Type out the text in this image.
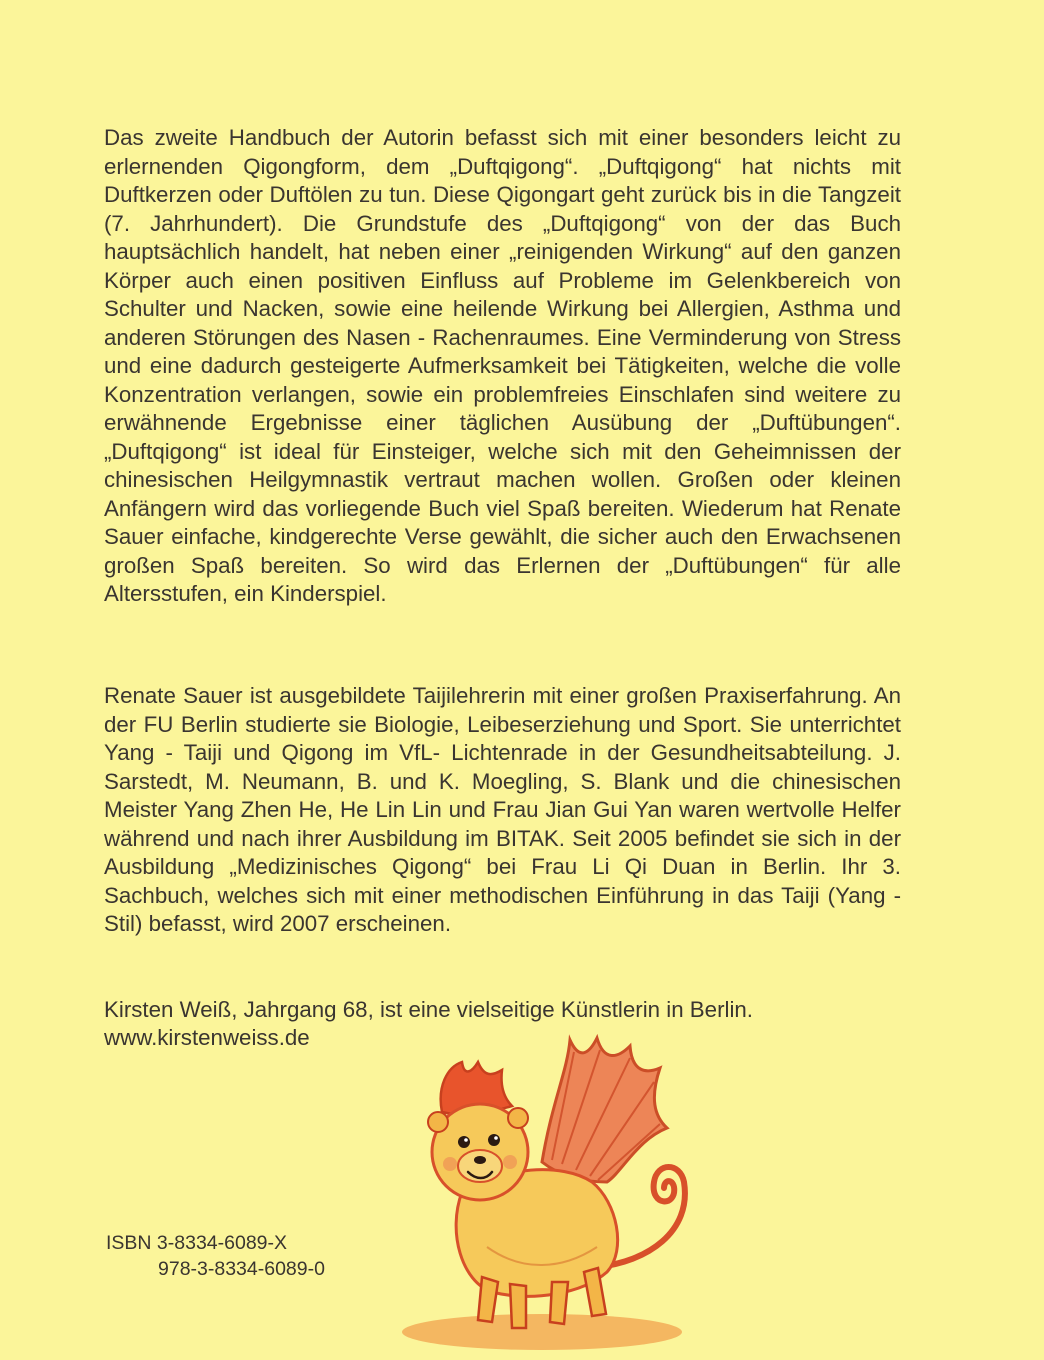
Das zweite Handbuch der Autorin befasst sich mit einer besonders leicht zu erlernenden Qigongform, dem „Duftqigong“. „Duftqigong“ hat nichts mit Duftkerzen oder Duftölen zu tun. Diese Qigongart geht zurück bis in die Tangzeit (7. Jahrhundert). Die Grundstufe des „Duftqigong“ von der das Buch hauptsächlich handelt, hat neben einer „reinigenden Wirkung“ auf den ganzen Körper auch einen positiven Einfluss auf Probleme im Gelenkbereich von Schulter und Nacken, sowie eine heilende Wirkung bei Allergien, Asthma und anderen Störungen des Nasen - Rachenraumes. Eine Verminderung von Stress und eine dadurch gesteigerte Aufmerksamkeit bei Tätigkeiten, welche die volle Konzentration verlangen, sowie ein problemfreies Einschlafen sind weitere zu erwähnende Ergebnisse einer täglichen Ausübung der „Duftübungen“. „Duftqigong“ ist ideal für Einsteiger, welche sich mit den Geheimnissen der chinesischen Heilgymnastik vertraut machen wollen. Großen oder kleinen Anfängern wird das vorliegende Buch viel Spaß bereiten. Wiederum hat Renate Sauer einfache, kindgerechte Verse gewählt, die sicher auch den Erwachsenen großen Spaß bereiten. So wird das Erlernen der „Duftübungen“ für alle Altersstufen, ein Kinderspiel.

Renate Sauer ist ausgebildete Taijilehrerin mit einer großen Praxiserfahrung. An der FU Berlin studierte sie Biologie, Leibeserziehung und Sport. Sie unterrichtet Yang - Taiji und Qigong im VfL- Lichtenrade in der Gesundheitsabteilung. J. Sarstedt, M. Neumann, B. und K. Moegling, S. Blank und die chinesischen Meister Yang Zhen He, He Lin Lin und Frau Jian Gui Yan waren wertvolle Helfer während und nach ihrer Ausbildung im BITAK. Seit 2005 befindet sie sich in der Ausbildung „Medizinisches Qigong“ bei Frau Li Qi Duan in Berlin. Ihr 3. Sachbuch, welches sich mit einer methodischen Einführung in das Taiji (Yang - Stil) befasst, wird 2007 erscheinen.

Kirsten Weiß, Jahrgang 68, ist eine vielseitige Künstlerin in Berlin.

www.kirstenweiss.de

ISBN 3-8334-6089-X

978-3-8334-6089-0
